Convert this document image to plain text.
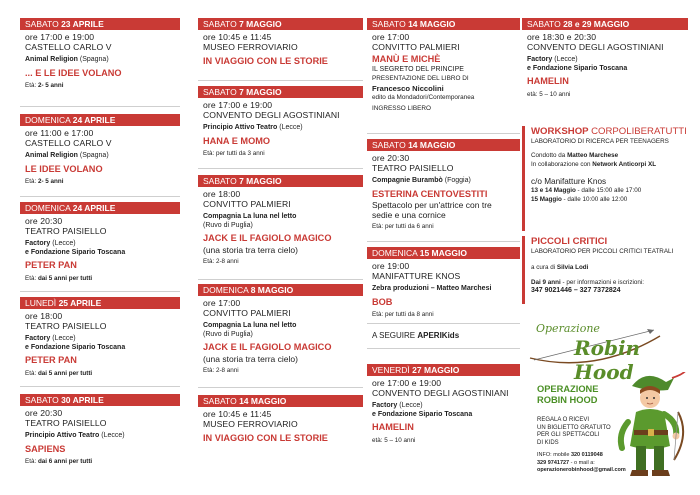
SABATO 23 APRILE
ore 17:00 e 19:00
CASTELLO CARLO V
Animal Religion (Spagna)
... E LE IDEE VOLANO
Età: 2- 5 anni
DOMENICA 24 APRILE
ore 11:00 e 17:00
CASTELLO CARLO V
Animal Religion (Spagna)
LE IDEE VOLANO
Età: 2- 5 anni
DOMENICA 24 APRILE
ore 20:30
TEATRO PAISIELLO
Factory (Lecce)
e Fondazione Sipario Toscana
PETER PAN
Età: dai 5 anni per tutti
LUNEDÌ 25 APRILE
ore 18:00
TEATRO PAISIELLO
Factory (Lecce)
e Fondazione Sipario Toscana
PETER PAN
Età: dai 5 anni per tutti
SABATO 30 APRILE
ore 20:30
TEATRO PAISIELLO
Principio Attivo Teatro (Lecce)
SAPIENS
Età: dai 6 anni per tutti
SABATO 7 MAGGIO
ore 10:45 e 11:45
MUSEO FERROVIARIO
IN VIAGGIO CON LE STORIE
SABATO 7 MAGGIO
ore 17:00 e 19:00
CONVENTO DEGLI AGOSTINIANI
Principio Attivo Teatro (Lecce)
HANA E MOMO
Età: per tutti da 3 anni
SABATO 7 MAGGIO
ore 18:00
CONVITTO PALMIERI
Compagnia La luna nel letto
(Ruvo di Puglia)
JACK E IL FAGIOLO MAGICO
(una storia tra terra cielo)
Età: 2-8 anni
DOMENICA 8 MAGGIO
ore 17:00
CONVITTO PALMIERI
Compagnia La luna nel letto
(Ruvo di Puglia)
JACK E IL FAGIOLO MAGICO
(una storia tra terra cielo)
Età: 2-8 anni
SABATO 14 MAGGIO
ore 10:45 e 11:45
MUSEO FERROVIARIO
IN VIAGGIO CON LE STORIE
SABATO 14 MAGGIO
ore 17:00
CONVITTO PALMIERI
MANÙ E MICHÈ
IL SEGRETO DEL PRINCIPE
PRESENTAZIONE DEL LIBRO DI
Francesco Niccolini
edito da Mondadori/Contemporanea
INGRESSO LIBERO
SABATO 14 MAGGIO
ore 20:30
TEATRO PAISIELLO
Compagnie Burambò (Foggia)
ESTERINA CENTOVESTITI
Spettacolo per un'attrice con tre
sedie e una cornice
Età: per tutti da 6 anni
DOMENICA 15 MAGGIO
ore 19:00
MANIFATTURE KNOS
Zebra produzioni – Matteo Marchesi
BOB
Età: per tutti da 8 anni
A SEGUIRE APERIKids
VENERDÌ 27 MAGGIO
ore 17:00 e 19:00
CONVENTO DEGLI AGOSTINIANI
Factory (Lecce)
e Fondazione Sipario Toscana
HAMELIN
età: 5 – 10 anni
SABATO 28 e 29 MAGGIO
ore 18:30 e 20:30
CONVENTO DEGLI AGOSTINIANI
Factory (Lecce)
e Fondazione Sipario Toscana
HAMELIN
età: 5 – 10 anni
WORKSHOP CORPOLIBERATUTTI
LABORATORIO DI RICERCA PER TEENAGERS
Condotto da Matteo Marchese
In collaborazione con Network Anticorpi XL
c/o Manifatture Knos
13 e 14 Maggio - dalle 15:00 alle 17:00
15 Maggio - dalle 10:00 alle 12:00
PICCOLI CRITICI
LABORATORIO PER PICCOLI CRITICI TEATRALI
a cura di Silvia Lodi
Dai 9 anni - per informazioni e iscrizioni:
347 9021446 – 327 7372824
Operazione
Robin Hood
OPERAZIONE
ROBIN HOOD
REGALA O RICEVI
UN BIGLIETTO GRATUITO
PER GLI SPETTACOLI
DI KIDS
INFO: mobile 320 0119048
329 9741727 - o mail a:
operazionerobinhood@gmail.com
